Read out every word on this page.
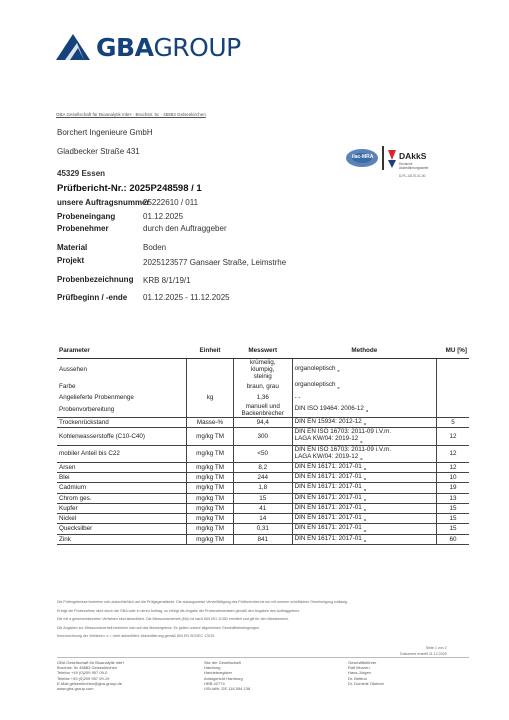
GBAGROUP
GBA Gesellschaft für Bioanalytik mbH · Bruchstr. 5c · 45883 Gelsenkirchen
Borchert Ingenieure GmbH
Gladbecker Straße 431
45329 Essen
ilac-MRA	DAkkS
Deutsche Akkreditierungsstelle
D-PL-14170-01-00
Prüfbericht-Nr.: 2025P248598 / 1
unsere Auftragsnummer
25222610 / 011
Probeneingang	01.12.2025
Probenehmer	durch den Auftraggeber
Material	Boden
Projekt	2025123577 Gansaer Straße, Leimstrhe
Probenbezeichnung KRB 8/1/19/1
Prüfbeginn / -ende 01.12.2025 - 11.12.2025
Parameter	Einheit	Messwert	Methode	MU [%]
Aussehen		krümelig,
klumpig,
steinig	organoleptisch $_e$	
Farbe		braun, grau	organoleptisch $_e$	
Angelieferte Probenmenge	kg	1,36	- -	
Probenvorbereitung		manuell und
Backenbrecher	DIN ISO 19464: 2006-12 $_a$	
Trockenrückstand	Masse-%	94,4	DIN EN 15934: 2012-12 $_a$	5
Kohlenwasserstoffe (C10-C40)	mg/kg TM	300	DIN EN ISO 16703: 2011-09 i.V.m.
LAGA KW/04: 2019-12 $_a$	12
mobiler Anteil bis C22	mg/kg TM	<50	DIN EN ISO 16703: 2011-09 i.V.m.
LAGA KW/04: 2019-12 $_a$	12
Arsen	mg/kg TM	8,2	DIN EN 16171: 2017-01 $_a$	12
Blei	mg/kg TM	244	DIN EN 16171: 2017-01 $_a$	10
Cadmium	mg/kg TM	1,8	DIN EN 16171: 2017-01 $_a$	19
Chrom ges.	mg/kg TM	15	DIN EN 16171: 2017-01 $_a$	13
Kupfer	mg/kg TM	41	DIN EN 16171: 2017-01 $_a$	15
Nickel	mg/kg TM	14	DIN EN 16171: 2017-01 $_a$	15
Quecksilber	mg/kg TM	0,31	DIN EN 16171: 2017-01 $_a$	15
Zink	mg/kg TM	841	DIN EN 16171: 2017-01 $_a$	60
Die Prüfergebnisse beziehen sich ausschließlich auf die Prüfgegenstände. Die auszugsweise Vervielfältigung des Prüfberichtes ist nur mit unserer schriftlichen Genehmigung zulässig.
Erfolgt die Probenahme nicht durch die GBA oder in deren Auftrag, so erfolgt die Angabe der Probenahmedaten gemäß den Angaben des Auftraggebers.
Die mit a gekennzeichneten Verfahren sind akkreditiert. Die Messunsicherheit (MU) ist nach DIN ISO 11352 ermittelt und gilt für den Messbereich.
Die Angaben zur Messunsicherheit beziehen sich auf das Messergebnis. Es gelten unsere allgemeinen Geschäftsbedingungen.
Kennzeichnung der Verfahren: e = nicht akkreditiert. Akkreditierung gemäß DIN EN ISO/IEC 17025.
Seite 1 von 2
Dokument erstellt 11.12.2025
GBA Gesellschaft für Bioanalytik mbH
Bruchstr. 5c 45883 Gelsenkirchen
Telefon +49 (0)209 957 09-0
Telefax +49 (0)209 957 09-19
E-Mail gelsenkirchen@gba-group.de
www.gba-group.com
Sitz der Gesellschaft
Hamburg
Handelsregister
Amtsgericht Hamburg
HRB 42774
USt-IdNr. DE 118 554 138
Geschäftsführer
Ralf Murzen
Hans-Jürgen
Dr. Bettina
Dr. Dominik Obeloer
